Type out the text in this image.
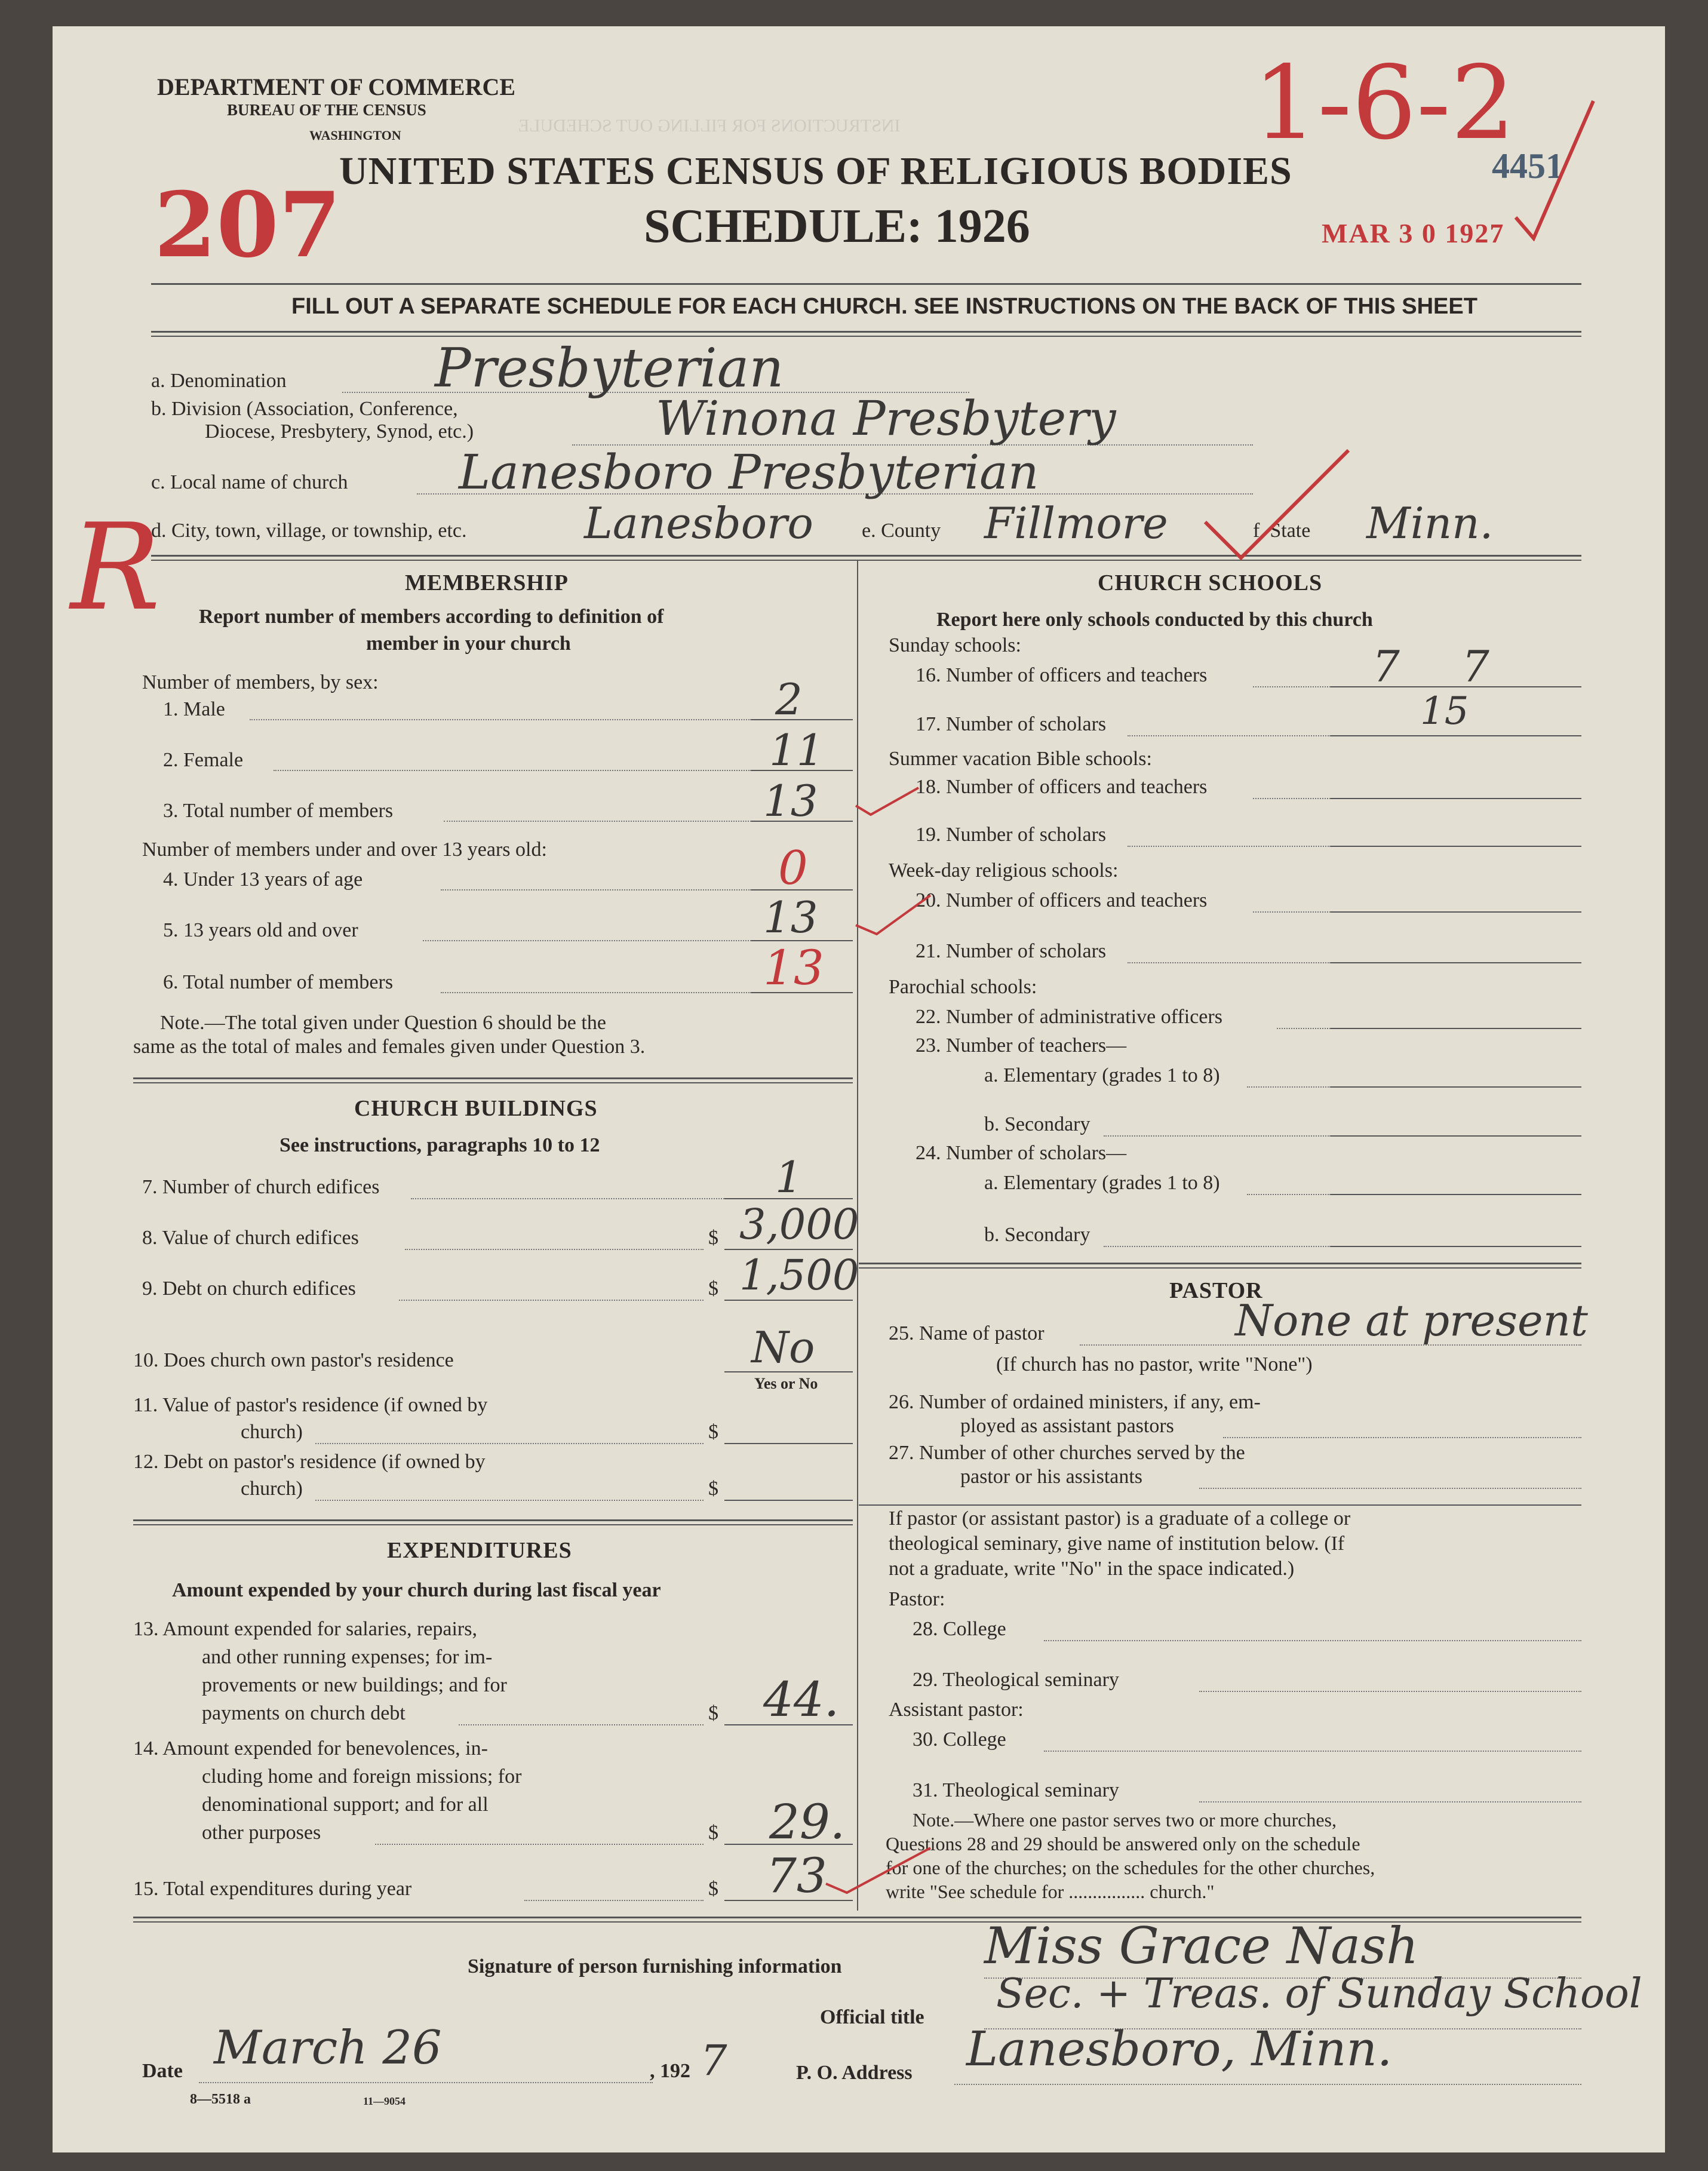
INSTRUCTIONS FOR FILLING OUT SCHEDULE
DEPARTMENT OF COMMERCE
BUREAU OF THE CENSUS
WASHINGTON
UNITED STATES CENSUS OF RELIGIOUS BODIES
SCHEDULE: 1926
4451
MAR 3 0 1927
1-6-2
207
R
FILL OUT A SEPARATE SCHEDULE FOR EACH CHURCH. SEE INSTRUCTIONS ON THE BACK OF THIS SHEET
a. Denomination	Presbyterian
b. Division (Association, Conference,
Diocese, Presbytery, Synod, etc.)	Winona Presbytery
c. Local name of church Lanesboro Presbyterian
d. City, town, village, or township, etc.	Lanesboro e. County Fillmore	f. State Minn.
MEMBERSHIP
Report number of members according to definition of
member in your church
Number of members, by sex:
1. Male	2
2. Female	11
3. Total number of members	13
Number of members under and over 13 years old:
4. Under 13 years of age	0
5. 13 years old and over	13
6. Total number of members	13
Note.—The total given under Question 6 should be the
same as the total of males and females given under Question 3.
CHURCH BUILDINGS
See instructions, paragraphs 10 to 12
7. Number of church edifices	1
8. Value of church edifices	$ 3,000
9. Debt on church edifices	$ 1,500
10. Does church own pastor's residence	No
Yes or No
11. Value of pastor's residence (if owned by
church)	$
12. Debt on pastor's residence (if owned by
church)	$
EXPENDITURES
Amount expended by your church during last fiscal year
13. Amount expended for salaries, repairs,
and other running expenses; for im-
provements or new buildings; and for
payments on church debt	$ 44.
14. Amount expended for benevolences, in-
cluding home and foreign missions; for
denominational support; and for all
other purposes	$ 29.
15. Total expenditures during year	$ 73
CHURCH SCHOOLS
Report here only schools conducted by this church
Sunday schools:
16. Number of officers and teachers	7 7
17. Number of scholars	15
Summer vacation Bible schools:
18. Number of officers and teachers
19. Number of scholars
Week-day religious schools:
20. Number of officers and teachers
21. Number of scholars
Parochial schools:
22. Number of administrative officers
23. Number of teachers—
a. Elementary (grades 1 to 8)
b. Secondary
24. Number of scholars—
a. Elementary (grades 1 to 8)
b. Secondary
PASTOR
25. Name of pastor	None at present
(If church has no pastor, write "None")
26. Number of ordained ministers, if any, em-
ployed as assistant pastors
27. Number of other churches served by the
pastor or his assistants
If pastor (or assistant pastor) is a graduate of a college or
theological seminary, give name of institution below. (If
not a graduate, write "No" in the space indicated.)
Pastor:
28. College
29. Theological seminary
Assistant pastor:
30. College
31. Theological seminary
Note.—Where one pastor serves two or more churches,
Questions 28 and 29 should be answered only on the schedule
for one of the churches; on the schedules for the other churches,
write "See schedule for ................ church."
Signature of person furnishing information	Miss Grace Nash
Official title Sec. + Treas. of Sunday School
Date March 26	, 192 7	P. O. Address Lanesboro, Minn.
8—5518 a	11—9054
